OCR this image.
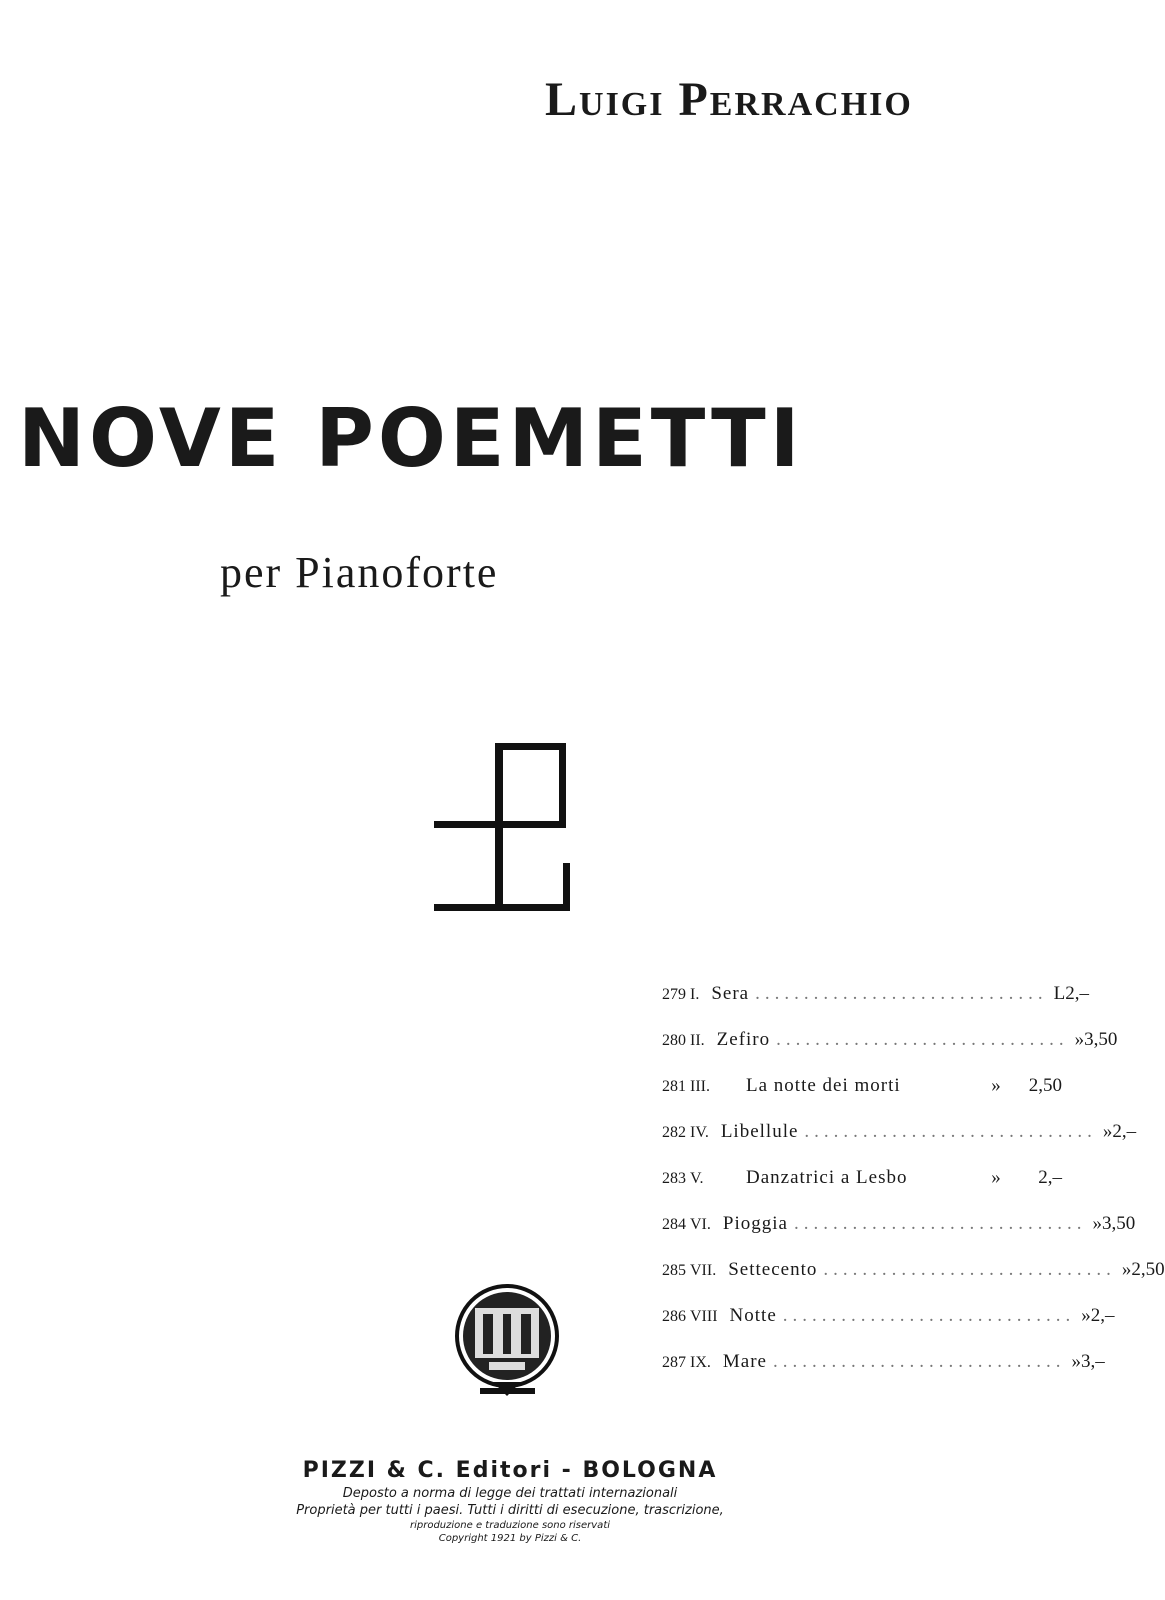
Luigi Perrachio
NOVE POEMETTI
per Pianoforte
279 I. Sera .............................. L 2,–
280 II. Zefiro .............................. » 3,50
281 III. La notte dei morti	»	2,50
282 IV. Libellule .............................. » 2,–
283 V. Danzatrici a Lesbo	»	2,–
284 VI. Pioggia .............................. » 3,50
285 VII. Settecento .............................. » 2,50
286 VIII Notte .............................. » 2,–
287 IX. Mare .............................. » 3,–
PIZZI & C. Editori - BOLOGNA
Deposto a norma di legge dei trattati internazionali
Proprietà per tutti i paesi. Tutti i diritti di esecuzione, trascrizione,
riproduzione e traduzione sono riservati
Copyright 1921 by Pizzi & C.
